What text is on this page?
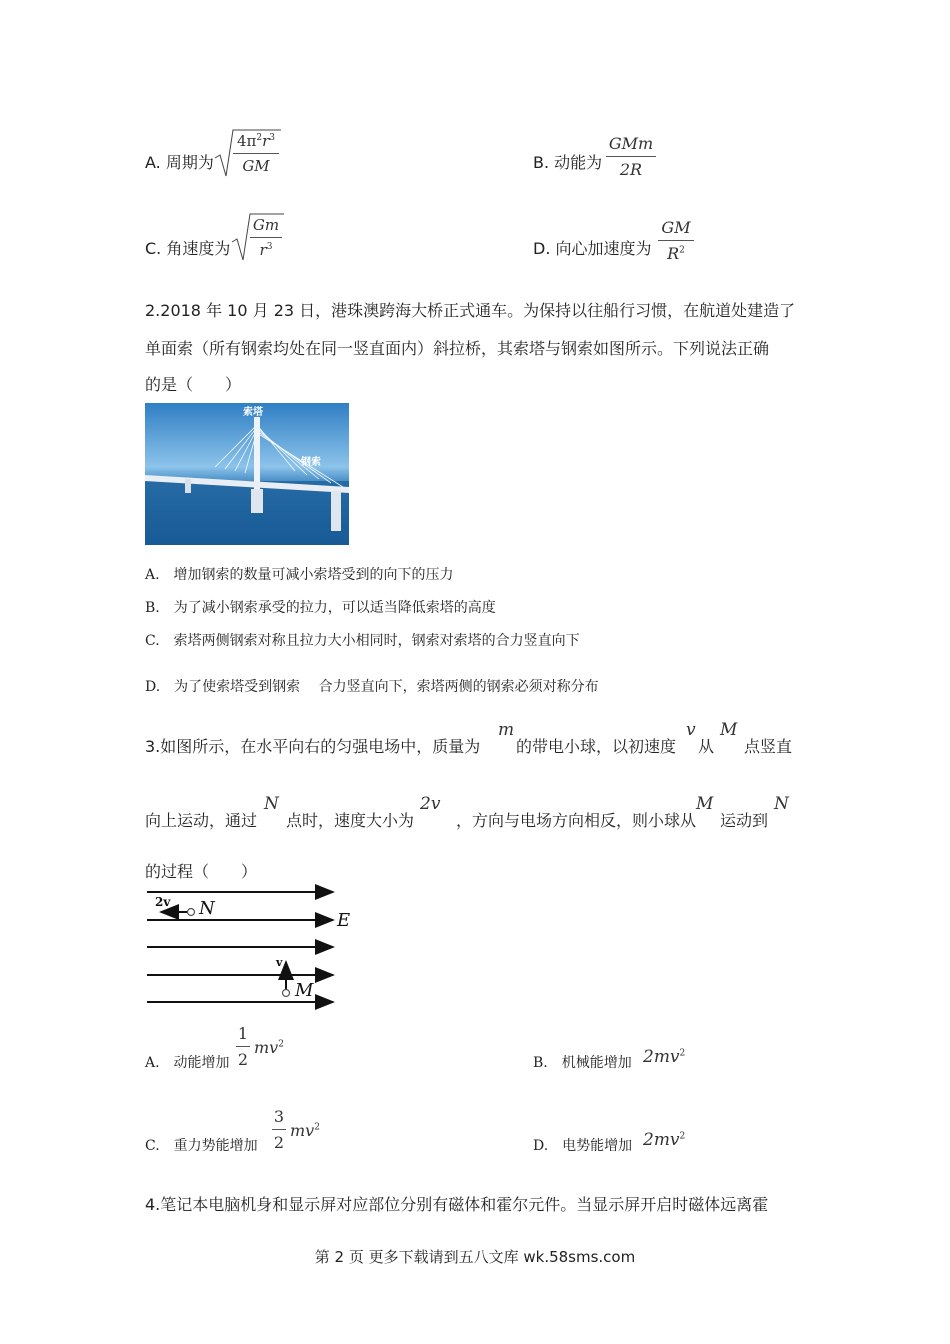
A. 周期为
$4\pi^2r^3$
GM	B. 动能为
GMm
2R
C. 角速度为
Gm
$r^3$	D. 向心加速度为
GM
$R^2$
2.2018 年 10 月 23 日，港珠澳跨海大桥正式通车。为保持以往船行习惯，在航道处建造了
单面索（所有钢索均处在同一竖直面内）斜拉桥，其索塔与钢索如图所示。下列说法正确
的是（　　）
索塔
钢索
A.　增加钢索的数量可减小索塔受到的向下的压力
B.　为了减小钢索承受的拉力，可以适当降低索塔的高度
C.　索塔两侧钢索对称且拉力大小相同时，钢索对索塔的合力竖直向下
D.　为了使索塔受到钢索　 合力竖直向下，索塔两侧的钢索必须对称分布
3.如图所示，在水平向右的匀强电场中，质量为
m
的带电小球，以初速度
v
从
M
点竖直
向上运动，通过
N
点时，速度大小为
2v
，方向与电场方向相反，则小球从
M
运动到
N
的过程（　　）
2v N
E
v
M
A.　动能增加
1
2
$mv^2$
B.　机械能增加 $2mv^2$
C.　重力势能增加
3
2
$mv^2$
D.　电势能增加 $2mv^2$
4.笔记本电脑机身和显示屏对应部位分别有磁体和霍尔元件。当显示屏开启时磁体远离霍
第 2 页 更多下载请到五八文库 wk.58sms.com
